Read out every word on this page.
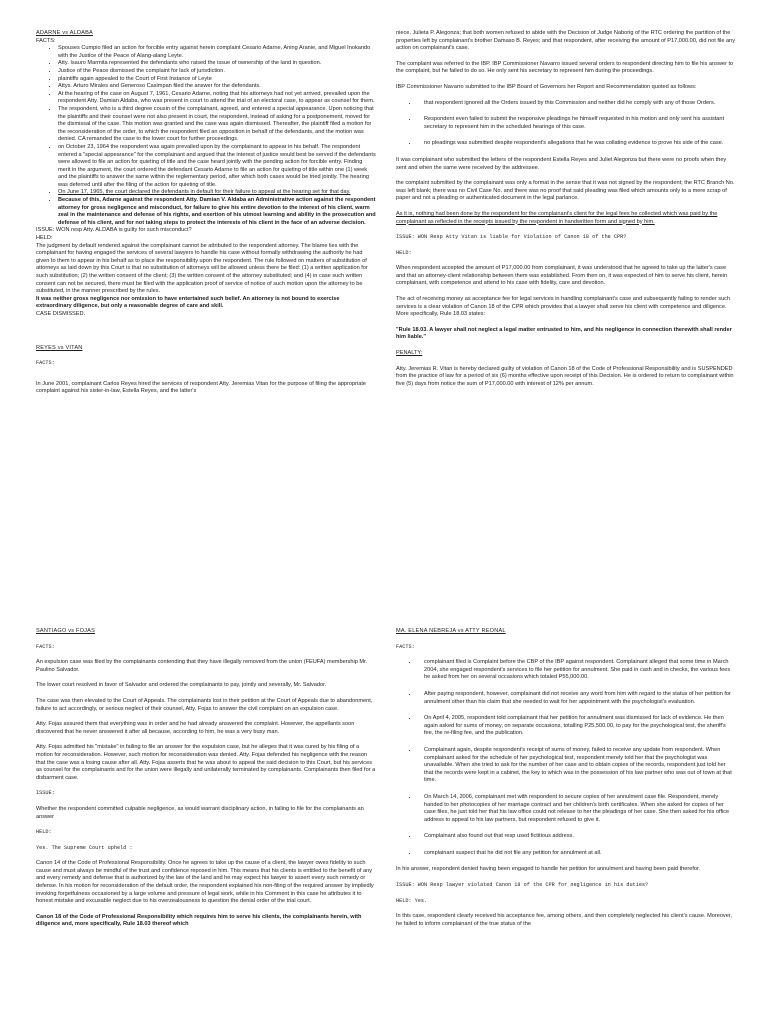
ADARNE vs ALDABA
FACTS:
• Spouses Cumpio filed an action for forcible entry against herein complaint Cesario Adarne, Aning Aranie, and Miguel Inokando with the Justice of the Peace of Alang-alang Leyte.
• Atty. Isauro Marmita represented the defendants who raised the issue of ownership of the land in question.
• Justice of the Peace dismissed the complaint for lack of jurisdiction.
• plaintiffs again appealed to the Court of First Instance of Leyte
• Attys. Arturo Mirales and Generoso Casimpan filed the answer for the defendants.
• At the hearing of the case on August 7, 1961, Cesario Adarne, noting that his attorneys had not yet arrived, prevailed upon the respondent Atty. Damian Aldaba, who was present in court to attend the trial of an electoral case, to appear as counsel for them.
• The respondent, who is a third degree cousin of the complainant, agreed, and entered a special appearance. Upon noticing that the plaintiffs and their counsel were not also present in court, the respondent, instead of asking for a postponement, moved for the dismissal of the case. This motion was granted and the case was again dismissed. Thereafter, the plaintiff filed a motion for the reconsideration of the order, to which the respondent filed an opposition in behalf of the defendants, and the motion was denied. CA remanded the case to the lower court for further proceedings.
• on October 23, 1964 the respondent was again prevailed upon by the complainant to appear in his behalf. The respondent entered a "special appearance" for the complainant and argued that the interest of justice would best be served if the defendants were allowed to file an action for quieting of title and the case heard jointly with the pending action for forcible entry. Finding merit in the argument, the court ordered the defendant Cesario Adarne to file an action for quieting of title within one (1) week and the plaintiffs to answer the same within the reglementary period, after which both cases would be tried jointly. The hearing was deferred until after the filing of the action for quieting of title.
• On June 17, 1965, the court declared the defendants in default for their failure to appeal at the hearing set for that day.
• Because of this, Adarne against the respondent Atty. Damian V. Aldaba an Administrative action against the respondent attorney for gross negligence and misconduct, for failure to give his entire devotion to the interest of his client, warm zeal in the maintenance and defense of his rights, and exertion of his utmost learning and ability in the prosecution and defense of his client, and for not taking steps to protect the interests of his client in the face of an adverse decision.
ISSUE: WON resp Atty. ALDABA is guilty for such misconduct?
HELD:
The judgment by default rendered against the complainant cannot be attributed to the respondent attorney. The blame lies with the complainant for having engaged the services of several lawyers to handle his case without formally withdrawing the authority he had given to them to appear in his behalf as to place the responsibility upon the respondent. The rule followed on matters of substitution of attorneys as laid down by this Court is that no substitution of attorneys will be allowed unless there be filed: (1) a written application for such substitution; (2) the written consent of the client; (3) the written consent of the attorney substituted; and (4) in case such written consent can not be secured, there must be filed with the application proof of service of notice of such motion upon the attorney to be substituted, in the manner prescribed by the rules.
It was neither gross negligence nor omission to have entertained such belief. An attorney is not bound to exercise extraordinary diligence, but only a reasonable degree of care and skill.
CASE DISMISSED.
REYES vs VITAN
FACTS:
In June 2001, complainant Carlos Reyes hired the services of respondent Atty. Jeremias Vitan for the purpose of filing the appropriate complaint against his sister-in-law, Estella Reyes, and the latter's

niece, Julieta P. Alegonza; that both women refused to abide with the Decision of Judge Naborig of the RTC ordering the partition of the properties left by complainant's brother Damaso B. Reyes; and that respondent, after receiving the amount of P17,000.00, did not file any action on complainant's case.

The complaint was referred to the IBP. IBP Commissioner Navarro issued several orders to respondent directing him to file his answer to the complaint, but he failed to do so. He only sent his secretary to represent him during the proceedings.

IBP Commissioner Navarro submitted to the IBP Board of Governors her Report and Recommendation quoted as follows:

• that respondent ignored all the Orders issued by this Commission and neither did he comply with any of those Orders.
• Respondent even failed to submit the responsive pleadings he himself requested in his motion and only sent his assistant secretary to represent him in the scheduled hearings of this case.
• no pleadings was submitted despite respondent's allegations that he was collating evidence to prove his side of the case.

It was complainant who submitted the letters of the respondent Estella Reyes and Juliet Alegonza but there were no proofs when they sent and when the same were received by the addressee.

the complaint submitted by the complainant was only a format in the sense that it was not signed by the respondent; the RTC Branch No. was left blank; there was no Civil Case No. and there was no proof that said pleading was filed which amounts only to a mere scrap of paper and not a pleading or authenticated document in the legal parlance.

As it is, nothing had been done by the respondent for the complainant's client for the legal fees he collected which was paid by the complainant as reflected in the receipts issued by the respondent in handwritten form and signed by him.

ISSUE: WON Resp Atty Vitan is liable for Violation of Canon 18 of the CPR?

HELD:

When respondent accepted the amount of P17,000.00 from complainant, it was understood that he agreed to take up the latter's case and that an attorney-client relationship between them was established. From then on, it was expected of him to serve his client, herein complainant, with competence and attend to his case with fidelity, care and devotion.

The act of receiving money as acceptance fee for legal services in handling complainant's case and subsequently failing to render such services is a clear violation of Canon 18 of the CPR which provides that a lawyer shall serve his client with competence and diligence. More specifically, Rule 18.03 states:

"Rule 18.03. A lawyer shall not neglect a legal matter entrusted to him, and his negligence in connection therewith shall render him liable."

PENALTY:

Atty. Jeremias R. Vitan is hereby declared guilty of violation of Canon 18 of the Code of Professional Responsibility and is SUSPENDED from the practice of law for a period of six (6) months effective upon receipt of this Decision. He is ordered to return to complainant within five (5) days from notice the sum of P17,000.00 with interest of 12% per annum.

SANTIAGO vs FOJAS

FACTS:

An expulsion case was filed by the complainants contending that they have illegally removed from the union (FEUFA) membership Mr. Paulino Salvador.

The lower court resolved in favor of Salvador and ordered the complainants to pay, jointly and severally, Mr. Salvador.

The case was then elevated to the Court of Appeals. The complainants lost in their petition at the Court of Appeals due to abandonment, failure to act accordingly, or serious neglect of their counsel, Atty. Fojas to answer the civil complaint on an expulsion case.

Atty. Fojas assured them that everything was in order and he had already answered the complaint. However, the appellants soon discovered that he never answered it after all because, according to him, he was a very busy man.

Atty. Fojas admitted his "mistake" in failing to file an answer for the expulsion case, but he alleges that it was cured by his filing of a motion for reconsideration. However, such motion for reconsideration was denied. Atty. Fojas defended his negligence with the reason that the case was a losing cause after all. Atty. Fojas asserts that he was about to appeal the said decision to this Court, but his services as counsel for the complainants and for the union were illegally and unilaterally terminated by complainants. Complainants then filed for a disbarment case.

ISSUE:

Whether the respondent committed culpable negligence, as would warrant disciplinary action, in failing to file for the complainants an answer

HELD:

Yes. The Supreme Court upheld :

Canon 14 of the Code of Professional Responsibility. Once he agrees to take up the cause of a client, the lawyer owes fidelity to such cause and must always be mindful of the trust and confidence reposed in him. This means that his clients is entitled to the benefit of any and every remedy and defense that is authorized by the law of the land and he may expect his lawyer to assert every such remedy or defense. In his motion for reconsideration of the default order, the respondent explained his non-filing of the required answer by impliedly invoking forgetfulness occasioned by a large volume and pressure of legal work, while in his Comment in this case he attributes it to honest mistake and excusable neglect due to his overzealousness to question the denial order of the trial court.

Canon 18 of the Code of Professional Responsibility which requires him to serve his clients, the complainants herein, with diligence and, more specifically, Rule 18.03 thereof which

MA. ELENA NEBREJA vs ATTY REONAL

FACTS:

• complainant filed is Complaint before the CBP of the IBP against respondent. Complainant alleged that some time in March 2004, she engaged respondent's services to file her petition for annulment. She paid in cash and in checks, the various fees he asked from her on several occasions which totaled P55,000.00.
• After paying respondent, however, complainant did not receive any word from him with regard to the status of her petition for annulment other than his claim that she needed to wait for her appointment with the psychologist's evaluation.
• On April 4, 2005, respondent told complainant that her petition for annulment was dismissed for lack of evidence. He then again asked for sums of money, on separate occasions, totalling P25,500.00, to pay for the psychological test, the sheriff's fee, the re-filing fee, and the publication.
• Complainant again, despite respondent's receipt of sums of money, failed to receive any update from respondent. When complainant asked for the schedule of her psychological test, respondent merely told her that the psychologist was unavailable. When she tried to ask for the number of her case and to obtain copies of the records, respondent just told her that the records were kept in a cabinet, the key to which was in the possession of his law partner who was out of town at that time.
• On March 14, 2006, complainant met with respondent to secure copies of her annulment case file. Respondent, merely handed to her photocopies of her marriage contract and her children's birth certificates. When she asked for copies of her case files, he just told her that his law office could not release to her the pleadings of her case. She then asked for his office address to appeal to his law partners, but respondent refused to give it.
• Complainant also found out that resp used fictitious address.
• complainant suspect that he did not file any petition for annulment at all.

In his answer, respondent denied having been engaged to handle her petition for annulment and having been paid therefor.

ISSUE: WON Resp lawyer violated Canon 18 of the CPR for negligence in his duties?

HELD: Yes.

In this case, respondent clearly received his acceptance fee, among others, and then completely neglected his client's cause. Moreover, he failed to inform complainant of the true status of the
